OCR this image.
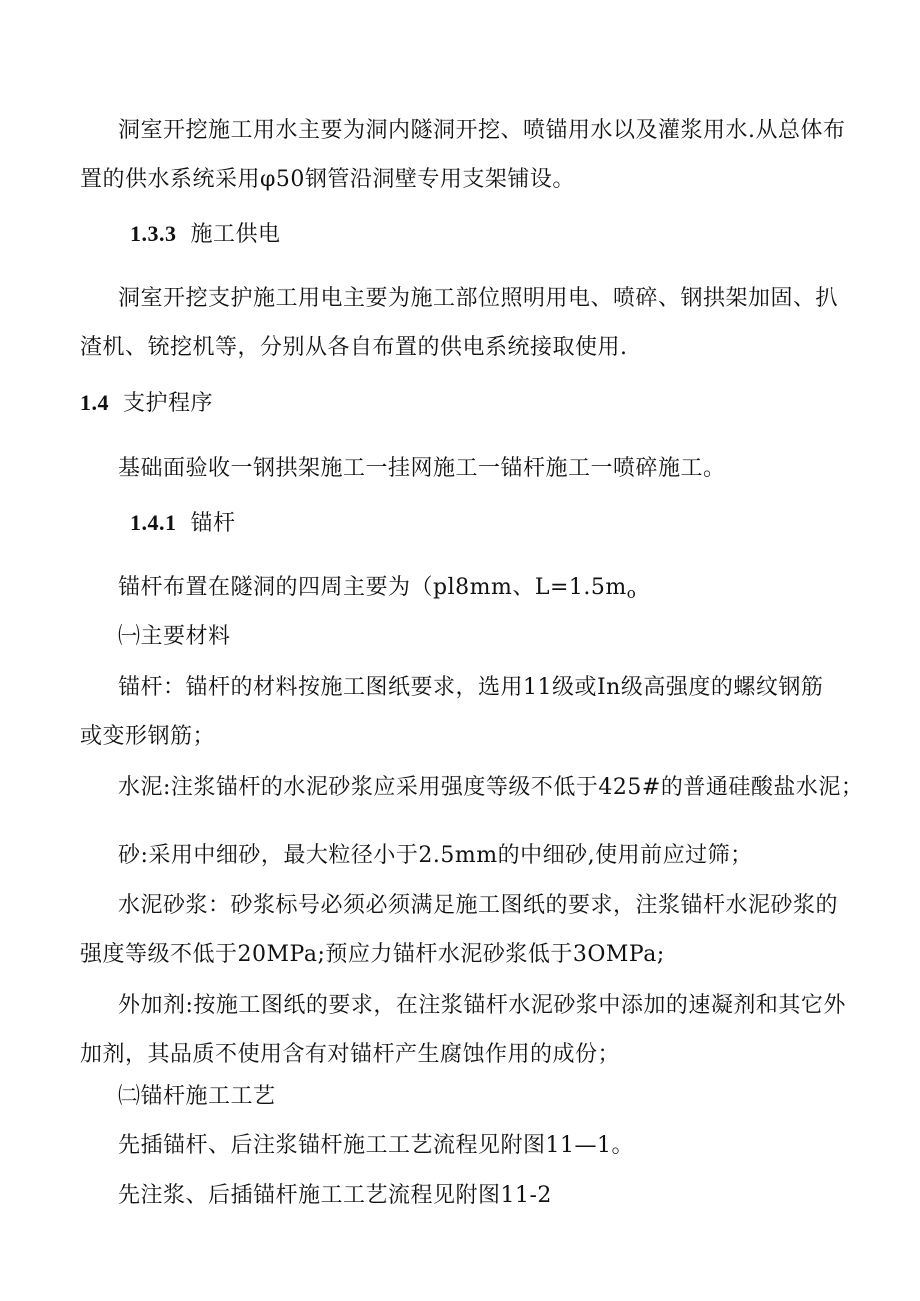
洞室开挖施工用水主要为洞内隧洞开挖、喷锚用水以及灌浆用水.从总体布
置的供水系统采用φ50钢管沿洞壁专用支架铺设。
1.3.3 施工供电
洞室开挖支护施工用电主要为施工部位照明用电、喷碎、钢拱架加固、扒
渣机、铳挖机等，分别从各自布置的供电系统接取使用.
1.4 支护程序
基础面验收一钢拱架施工一挂网施工一锚杆施工一喷碎施工。
1.4.1 锚杆
锚杆布置在隧洞的四周主要为（pl8mm、L=1.5mo
㈠主要材料
锚杆：锚杆的材料按施工图纸要求，选用11级或In级高强度的螺纹钢筋
或变形钢筋；
水泥:注浆锚杆的水泥砂浆应采用强度等级不低于425#的普通硅酸盐水泥；
砂:采用中细砂，最大粒径小于2.5mm的中细砂,使用前应过筛；
水泥砂浆：砂浆标号必须必须满足施工图纸的要求，注浆锚杆水泥砂浆的
强度等级不低于20MPa;预应力锚杆水泥砂浆低于3OMPa;
外加剂:按施工图纸的要求，在注浆锚杆水泥砂浆中添加的速凝剂和其它外
加剂，其品质不使用含有对锚杆产生腐蚀作用的成份；
㈡锚杆施工工艺
先插锚杆、后注浆锚杆施工工艺流程见附图11—1。
先注浆、后插锚杆施工工艺流程见附图11-2
